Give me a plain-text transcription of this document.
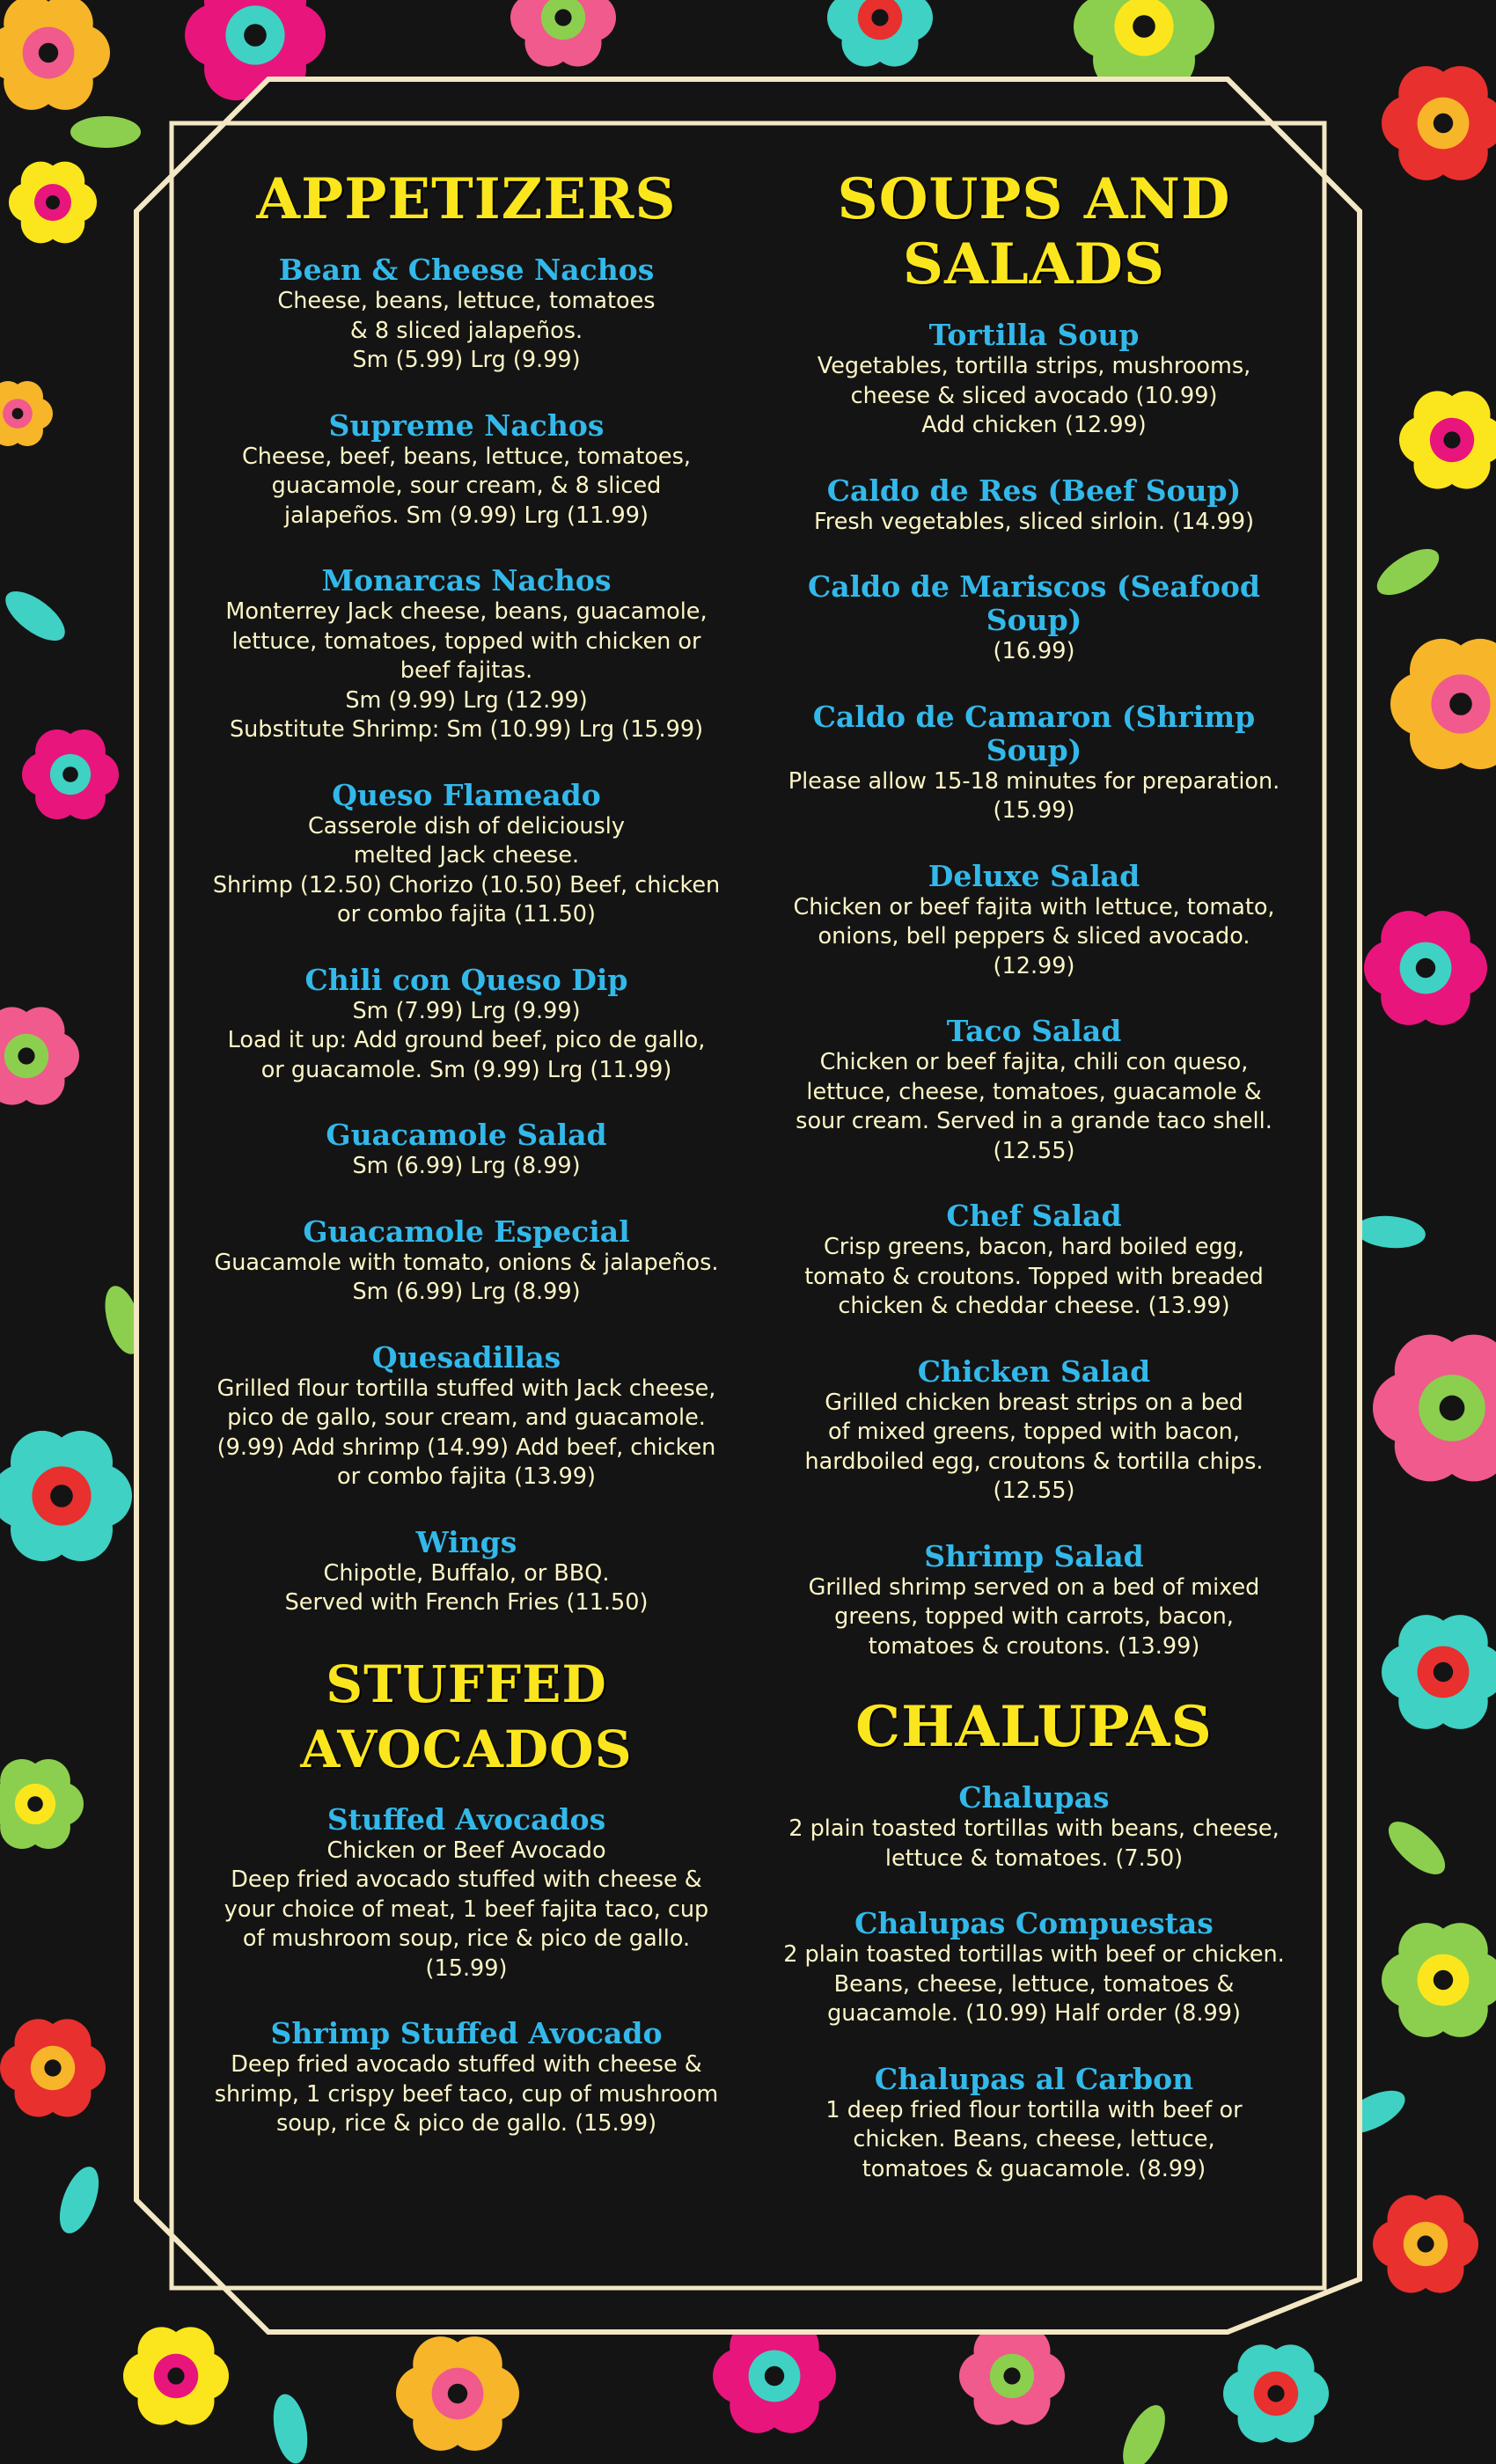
APPETIZERS
Bean & Cheese Nachos
Cheese, beans, lettuce, tomatoes
& 8 sliced jalapeños.
Sm (5.99) Lrg (9.99)
Supreme Nachos
Cheese, beef, beans, lettuce, tomatoes,
guacamole, sour cream, & 8 sliced
jalapeños. Sm (9.99) Lrg (11.99)
Monarcas Nachos
Monterrey Jack cheese, beans, guacamole,
lettuce, tomatoes, topped with chicken or
beef fajitas.
Sm (9.99) Lrg (12.99)
Substitute Shrimp: Sm (10.99) Lrg (15.99)
Queso Flameado
Casserole dish of deliciously
melted Jack cheese.
Shrimp (12.50) Chorizo (10.50) Beef, chicken
or combo fajita (11.50)
Chili con Queso Dip
Sm (7.99) Lrg (9.99)
Load it up: Add ground beef, pico de gallo,
or guacamole. Sm (9.99) Lrg (11.99)
Guacamole Salad
Sm (6.99) Lrg (8.99)
Guacamole Especial
Guacamole with tomato, onions & jalapeños.
Sm (6.99) Lrg (8.99)
Quesadillas
Grilled flour tortilla stuffed with Jack cheese,
pico de gallo, sour cream, and guacamole.
(9.99) Add shrimp (14.99) Add beef, chicken
or combo fajita (13.99)
Wings
Chipotle, Buffalo, or BBQ.
Served with French Fries (11.50)
STUFFED AVOCADOS
Stuffed Avocados
Chicken or Beef Avocado
Deep fried avocado stuffed with cheese &
your choice of meat, 1 beef fajita taco, cup
of mushroom soup, rice & pico de gallo.
(15.99)
Shrimp Stuffed Avocado
Deep fried avocado stuffed with cheese &
shrimp, 1 crispy beef taco, cup of mushroom
soup, rice & pico de gallo. (15.99)
SOUPS AND
SALADS
Tortilla Soup
Vegetables, tortilla strips, mushrooms,
cheese & sliced avocado (10.99)
Add chicken (12.99)
Caldo de Res (Beef Soup)
Fresh vegetables, sliced sirloin. (14.99)
Caldo de Mariscos (Seafood Soup)
(16.99)
Caldo de Camaron (Shrimp Soup)
Please allow 15-18 minutes for preparation.
(15.99)
Deluxe Salad
Chicken or beef fajita with lettuce, tomato,
onions, bell peppers & sliced avocado.
(12.99)
Taco Salad
Chicken or beef fajita, chili con queso,
lettuce, cheese, tomatoes, guacamole &
sour cream. Served in a grande taco shell.
(12.55)
Chef Salad
Crisp greens, bacon, hard boiled egg,
tomato & croutons. Topped with breaded
chicken & cheddar cheese. (13.99)
Chicken Salad
Grilled chicken breast strips on a bed
of mixed greens, topped with bacon,
hardboiled egg, croutons & tortilla chips.
(12.55)
Shrimp Salad
Grilled shrimp served on a bed of mixed
greens, topped with carrots, bacon,
tomatoes & croutons. (13.99)
CHALUPAS
Chalupas
2 plain toasted tortillas with beans, cheese,
lettuce & tomatoes. (7.50)
Chalupas Compuestas
2 plain toasted tortillas with beef or chicken.
Beans, cheese, lettuce, tomatoes &
guacamole. (10.99) Half order (8.99)
Chalupas al Carbon
1 deep fried flour tortilla with beef or
chicken. Beans, cheese, lettuce,
tomatoes & guacamole. (8.99)
